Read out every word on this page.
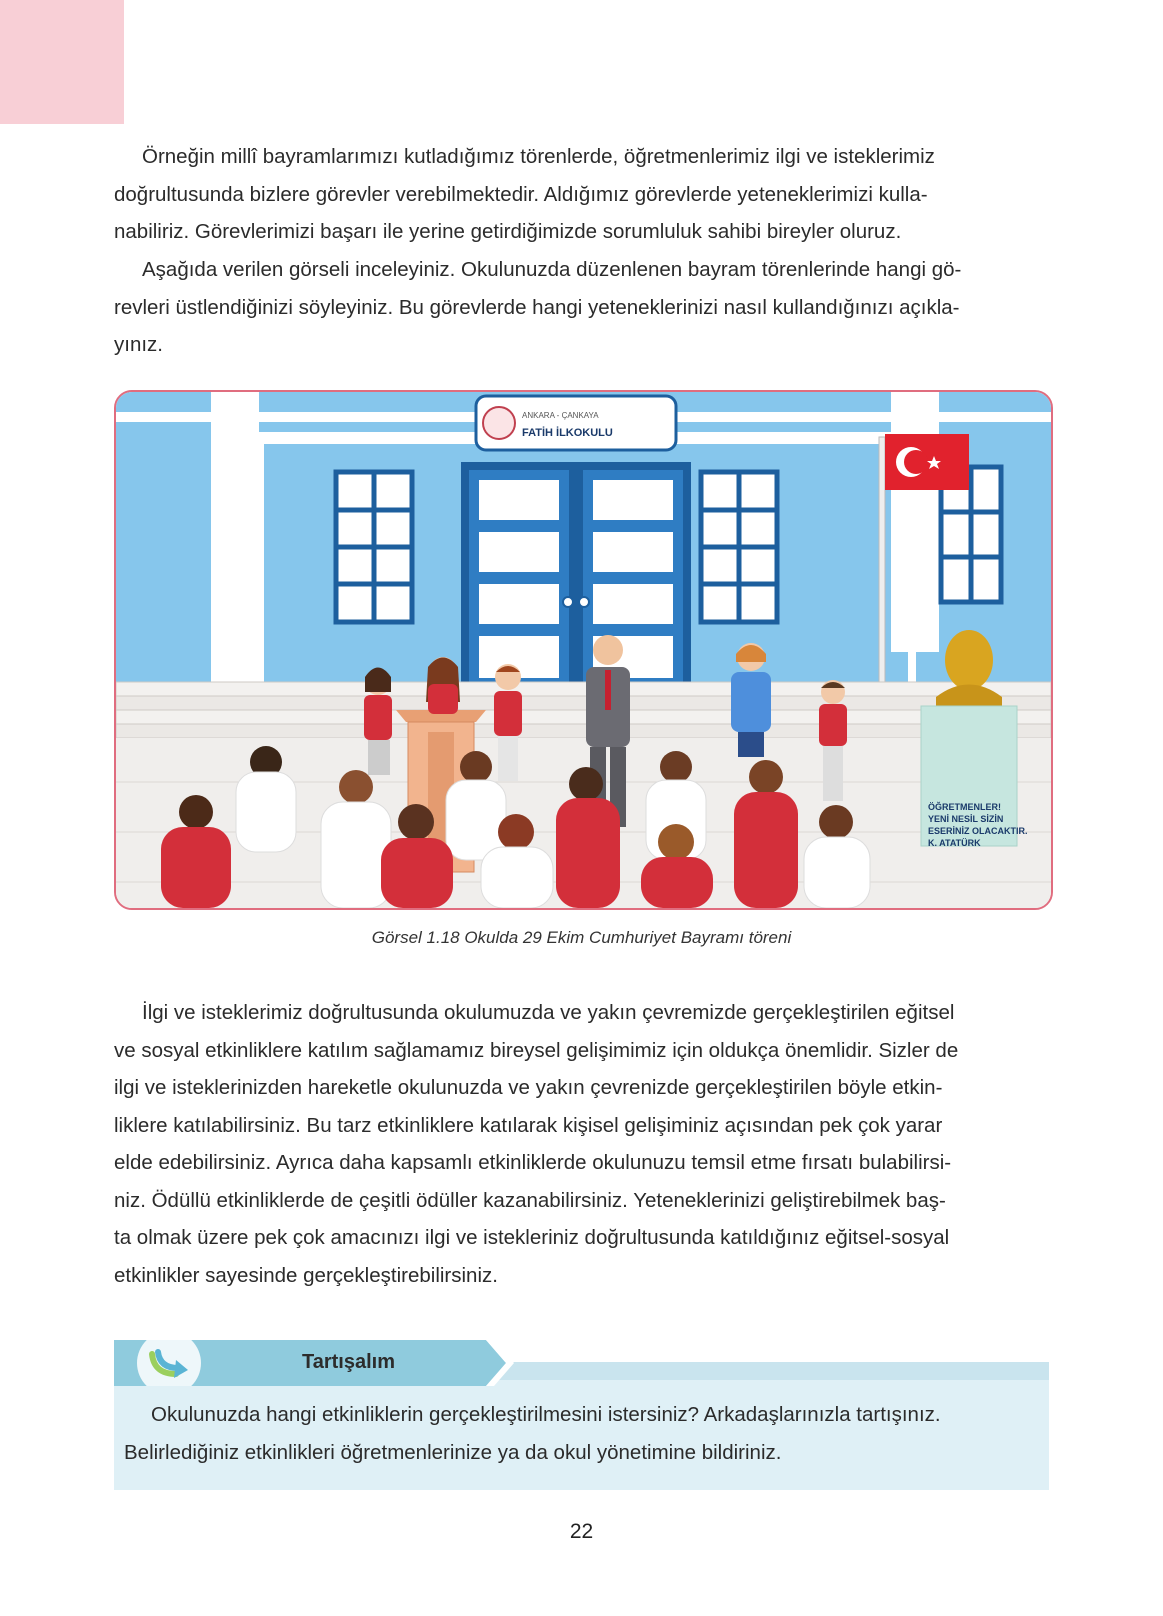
Örneğin millî bayramlarımızı kutladığımız törenlerde, öğretmenlerimiz ilgi ve isteklerimiz
doğrultusunda bizlere görevler verebilmektedir. Aldığımız görevlerde yeteneklerimizi kulla-
nabiliriz. Görevlerimizi başarı ile yerine getirdiğimizde sorumluluk sahibi bireyler oluruz.

Aşağıda verilen görseli inceleyiniz. Okulunuzda düzenlenen bayram törenlerinde hangi gö-
revleri üstlendiğinizi söyleyiniz. Bu görevlerde hangi yeteneklerinizi nasıl kullandığınızı açıkla-
yınız.

ANKARA - ÇANKAYA
FATİH İLKOKULU
ÖĞRETMENLER!
YENİ NESİL SİZİN
ESERİNİZ OLACAKTIR.
K. ATATÜRK
Görsel 1.18 Okulda 29 Ekim Cumhuriyet Bayramı töreni

İlgi ve isteklerimiz doğrultusunda okulumuzda ve yakın çevremizde gerçekleştirilen eğitsel
ve sosyal etkinliklere katılım sağlamamız bireysel gelişimimiz için oldukça önemlidir. Sizler de
ilgi ve isteklerinizden hareketle okulunuzda ve yakın çevrenizde gerçekleştirilen böyle etkin-
liklere katılabilirsiniz. Bu tarz etkinliklere katılarak kişisel gelişiminiz açısından pek çok yarar
elde edebilirsiniz. Ayrıca daha kapsamlı etkinliklerde okulunuzu temsil etme fırsatı bulabilirsi-
niz. Ödüllü etkinliklerde de çeşitli ödüller kazanabilirsiniz. Yeteneklerinizi geliştirebilmek baş-
ta olmak üzere pek çok amacınızı ilgi ve istekleriniz doğrultusunda katıldığınız eğitsel-sosyal
etkinlikler sayesinde gerçekleştirebilirsiniz.

Tartışalım

Okulunuzda hangi etkinliklerin gerçekleştirilmesini istersiniz? Arkadaşlarınızla tartışınız.
Belirlediğiniz etkinlikleri öğretmenlerinize ya da okul yönetimine bildiriniz.

22
